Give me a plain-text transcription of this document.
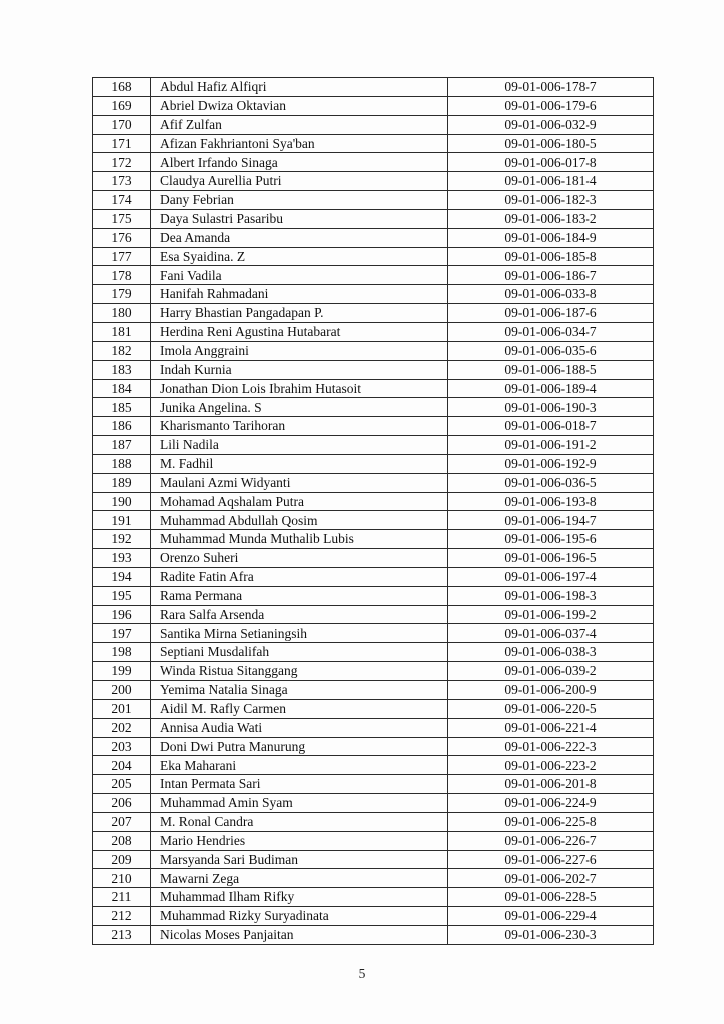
168	Abdul Hafiz Alfiqri	09-01-006-178-7
169	Abriel Dwiza Oktavian	09-01-006-179-6
170	Afif Zulfan	09-01-006-032-9
171	Afizan Fakhriantoni Sya'ban	09-01-006-180-5
172	Albert Irfando Sinaga	09-01-006-017-8
173	Claudya Aurellia Putri	09-01-006-181-4
174	Dany Febrian	09-01-006-182-3
175	Daya Sulastri Pasaribu	09-01-006-183-2
176	Dea Amanda	09-01-006-184-9
177	Esa Syaidina. Z	09-01-006-185-8
178	Fani Vadila	09-01-006-186-7
179	Hanifah Rahmadani	09-01-006-033-8
180	Harry Bhastian Pangadapan P.	09-01-006-187-6
181	Herdina Reni Agustina Hutabarat	09-01-006-034-7
182	Imola Anggraini	09-01-006-035-6
183	Indah Kurnia	09-01-006-188-5
184	Jonathan Dion Lois Ibrahim Hutasoit	09-01-006-189-4
185	Junika Angelina. S	09-01-006-190-3
186	Kharismanto Tarihoran	09-01-006-018-7
187	Lili Nadila	09-01-006-191-2
188	M. Fadhil	09-01-006-192-9
189	Maulani Azmi Widyanti	09-01-006-036-5
190	Mohamad Aqshalam Putra	09-01-006-193-8
191	Muhammad Abdullah Qosim	09-01-006-194-7
192	Muhammad Munda Muthalib Lubis	09-01-006-195-6
193	Orenzo Suheri	09-01-006-196-5
194	Radite Fatin Afra	09-01-006-197-4
195	Rama Permana	09-01-006-198-3
196	Rara Salfa Arsenda	09-01-006-199-2
197	Santika Mirna Setianingsih	09-01-006-037-4
198	Septiani Musdalifah	09-01-006-038-3
199	Winda Ristua Sitanggang	09-01-006-039-2
200	Yemima Natalia Sinaga	09-01-006-200-9
201	Aidil M. Rafly Carmen	09-01-006-220-5
202	Annisa Audia Wati	09-01-006-221-4
203	Doni Dwi Putra Manurung	09-01-006-222-3
204	Eka Maharani	09-01-006-223-2
205	Intan Permata Sari	09-01-006-201-8
206	Muhammad Amin Syam	09-01-006-224-9
207	M. Ronal Candra	09-01-006-225-8
208	Mario Hendries	09-01-006-226-7
209	Marsyanda Sari Budiman	09-01-006-227-6
210	Mawarni Zega	09-01-006-202-7
211	Muhammad Ilham Rifky	09-01-006-228-5
212	Muhammad Rizky Suryadinata	09-01-006-229-4
213	Nicolas Moses Panjaitan	09-01-006-230-3
5
